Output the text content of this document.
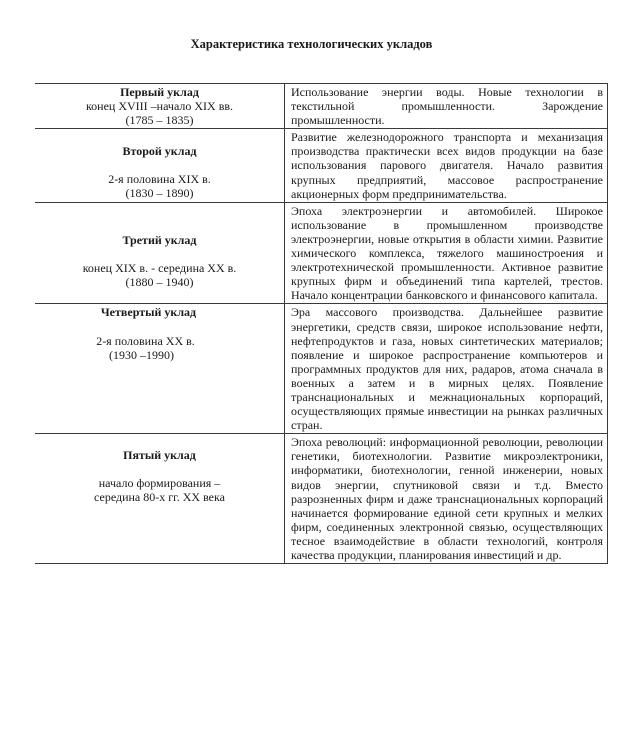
Характеристика технологических укладов
Первый уклад
конец XVIII –начало XIX вв.
(1785 – 1835)	Использование энергии воды. Новые технологии в текстильной промышленности. Зарождение промышленности.

Второй уклад
2-я половина XIX в.
(1830 – 1890)
	Развитие железнодорожного транспорта и механизация производства практически всех видов продукции на базе использования парового двигателя. Начало развития крупных предприятий, массовое распространение акционерных форм предпринимательства.

Третий уклад
конец XIX в. - середина XX в.
(1880 – 1940)
	Эпоха электроэнергии и автомобилей. Широкое использование в промышленном производстве электроэнергии, новые открытия в области химии. Развитие химического комплекса, тяжелого машиностроения и электротехнической промышленности. Активное развитие крупных фирм и объединений типа картелей, трестов. Начало концентрации банковского и финансового капитала.

Четвертый уклад
2-я половина XX в.
(1930 –1990)
	Эра массового производства. Дальнейшее развитие энергетики, средств связи, широкое использование нефти, нефтепродуктов и газа, новых синтетических материалов; появление и широкое распространение компьютеров и программных продуктов для них, радаров, атома сначала в военных а затем и в мирных целях. Появление транснациональных и межнациональных корпораций, осуществляющих прямые инвестиции на рынках различных стран.

Пятый уклад
начало формирования –
середина 80-х гг. XX века
	Эпоха революций: информационной революции, революции генетики, биотехнологии. Развитие микроэлектроники, информатики, биотехнологии, генной инженерии, новых видов энергии, спутниковой связи и т.д. Вместо разрозненных фирм и даже транснациональных корпораций начинается формирование единой сети крупных и мелких фирм, соединенных электронной связью, осуществляющих тесное взаимодействие в области технологий, контроля качества продукции, планирования инвестиций и др.
